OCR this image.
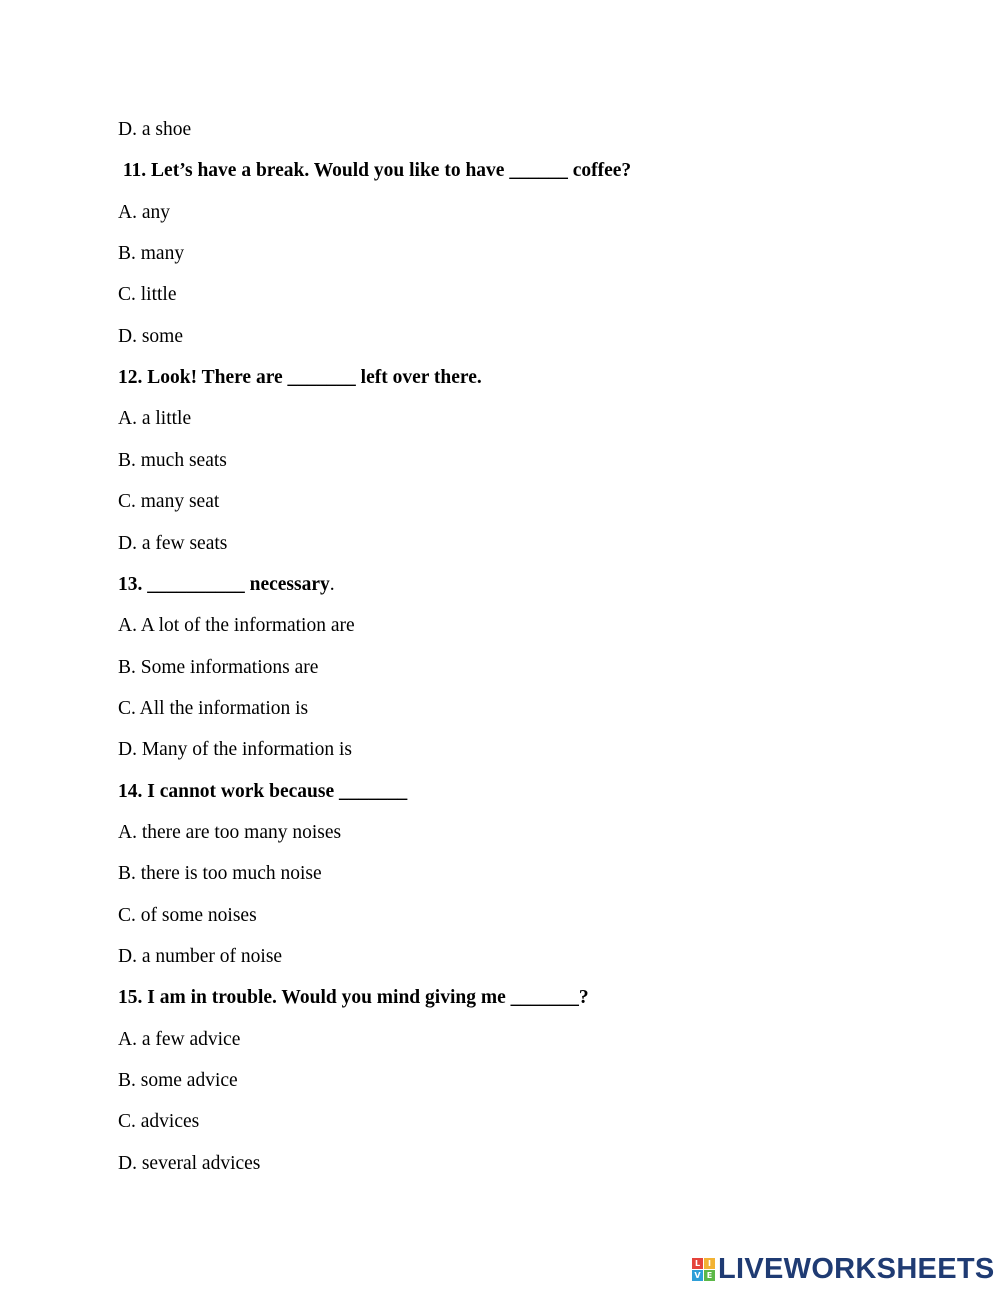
D. a shoe
11. Let’s have a break. Would you like to have ______ coffee?
A. any
B. many
C. little
D. some
12. Look! There are _______ left over there.
A. a little
B. much seats
C. many seat
D. a few seats
13. __________ necessary.
A. A lot of the information are
B. Some informations are
C. All the information is
D. Many of the information is
14. I cannot work because _______
A. there are too many noises
B. there is too much noise
C. of some noises
D. a number of noise
15. I am in trouble. Would you mind giving me _______?
A. a few advice
B. some advice
C. advices
D. several advices
L I
V E LIVEWORKSHEETS
